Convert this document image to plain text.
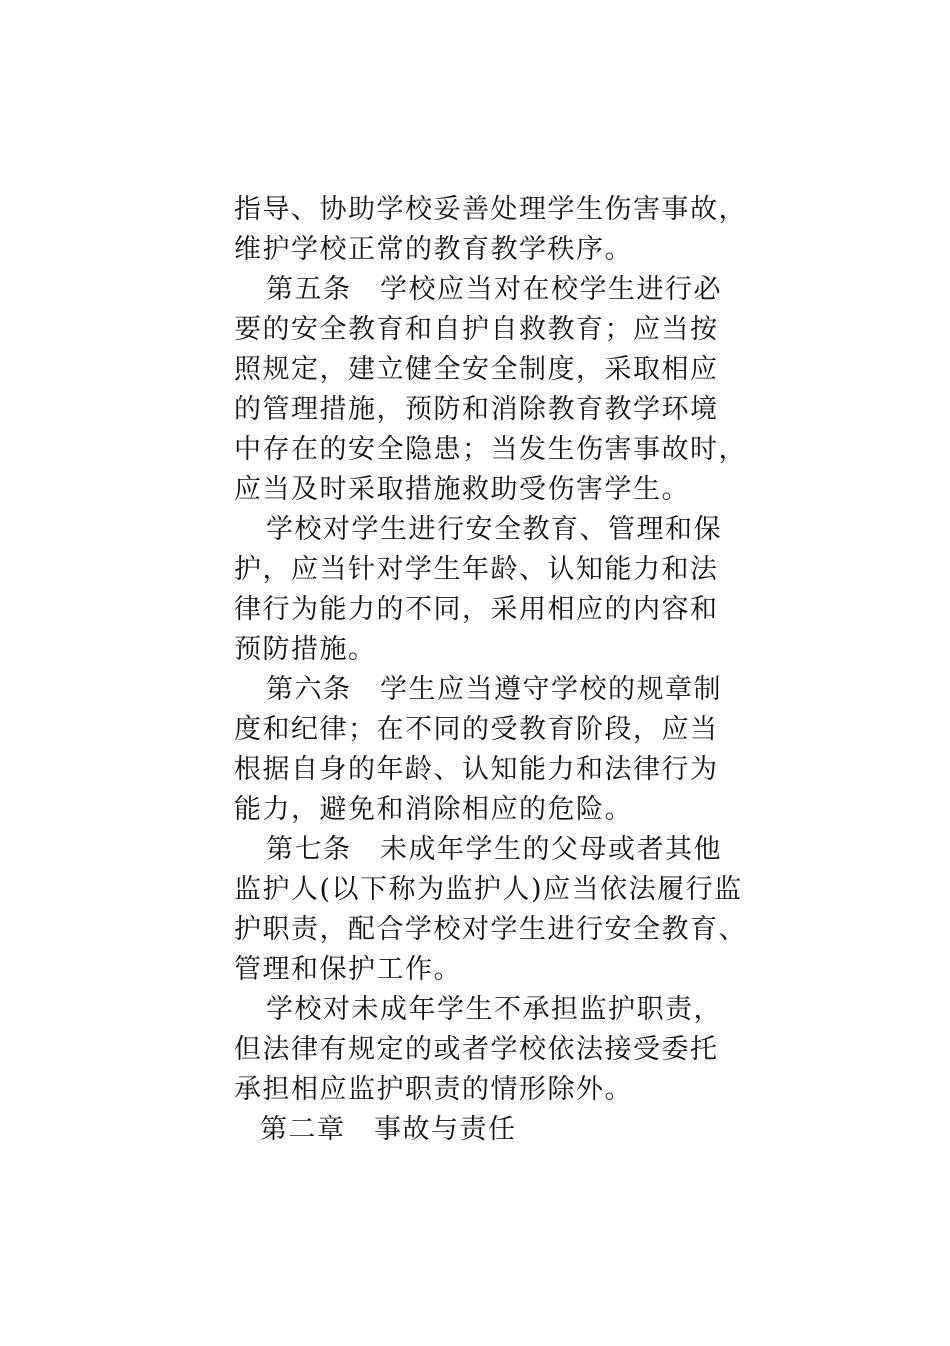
指导、协助学校妥善处理学生伤害事故，
维护学校正常的教育教学秩序。
第五条　学校应当对在校学生进行必
要的安全教育和自护自救教育；应当按
照规定，建立健全安全制度，采取相应
的管理措施，预防和消除教育教学环境
中存在的安全隐患；当发生伤害事故时，
应当及时采取措施救助受伤害学生。
学校对学生进行安全教育、管理和保
护，应当针对学生年龄、认知能力和法
律行为能力的不同，采用相应的内容和
预防措施。
第六条　学生应当遵守学校的规章制
度和纪律；在不同的受教育阶段，应当
根据自身的年龄、认知能力和法律行为
能力，避免和消除相应的危险。
第七条　未成年学生的父母或者其他
监护人(以下称为监护人)应当依法履行监
护职责，配合学校对学生进行安全教育、
管理和保护工作。
学校对未成年学生不承担监护职责，
但法律有规定的或者学校依法接受委托
承担相应监护职责的情形除外。
第二章　事故与责任
